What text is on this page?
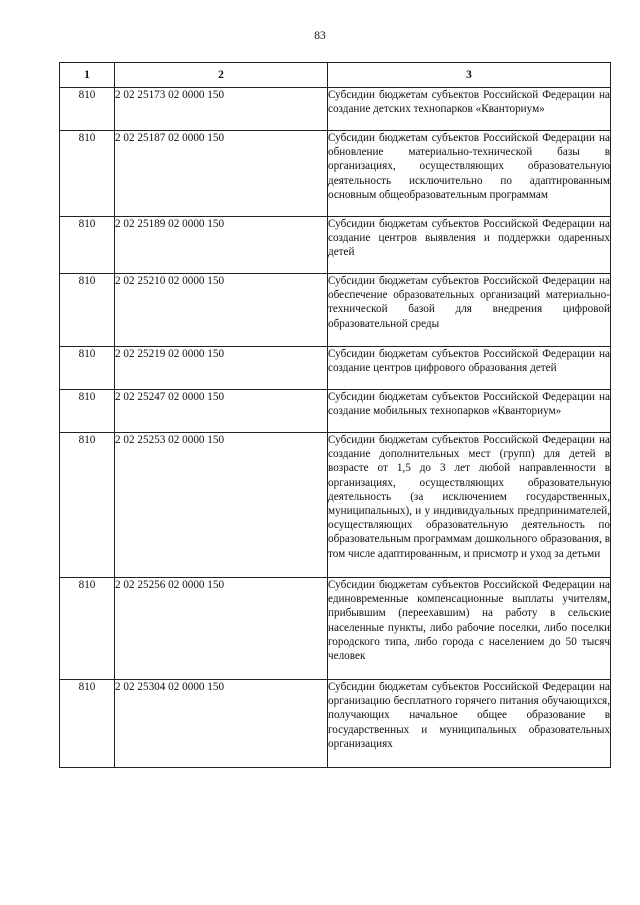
83
1	2	3
810	2 02 25173 02 0000 150	Субсидии бюджетам субъектов Российской Федерации на создание детских технопарков «Кванториум»

810	2 02 25187 02 0000 150	Субсидии бюджетам субъектов Российской Федерации на обновление материально-технической базы в организациях, осуществляющих образовательную деятельность исключительно по адаптированным основным общеобразовательным программам

810	2 02 25189 02 0000 150	Субсидии бюджетам субъектов Российской Федерации на создание центров выявления и поддержки одаренных детей

810	2 02 25210 02 0000 150	Субсидии бюджетам субъектов Российской Федерации на обеспечение образовательных организаций материально-технической базой для внедрения цифровой образовательной среды

810	2 02 25219 02 0000 150	Субсидии бюджетам субъектов Российской Федерации на создание центров цифрового образования детей

810	2 02 25247 02 0000 150	Субсидии бюджетам субъектов Российской Федерации на создание мобильных технопарков «Кванториум»

810	2 02 25253 02 0000 150	Субсидии бюджетам субъектов Российской Федерации на создание дополнительных мест (групп) для детей в возрасте от 1,5 до 3 лет любой направленности в организациях, осуществляющих образовательную деятельность (за исключением государственных, муниципальных), и у индивидуальных предпринимателей, осуществляющих образовательную деятельность по образовательным программам дошкольного образования, в том числе адаптированным, и присмотр и уход за детьми

810	2 02 25256 02 0000 150	Субсидии бюджетам субъектов Российской Федерации на единовременные компенсационные выплаты учителям, прибывшим (переехавшим) на работу в сельские населенные пункты, либо рабочие поселки, либо поселки городского типа, либо города с населением до 50 тысяч человек

810	2 02 25304 02 0000 150	Субсидии бюджетам субъектов Российской Федерации на организацию бесплатного горячего питания обучающихся, получающих начальное общее образование в государственных и муниципальных образовательных организациях
